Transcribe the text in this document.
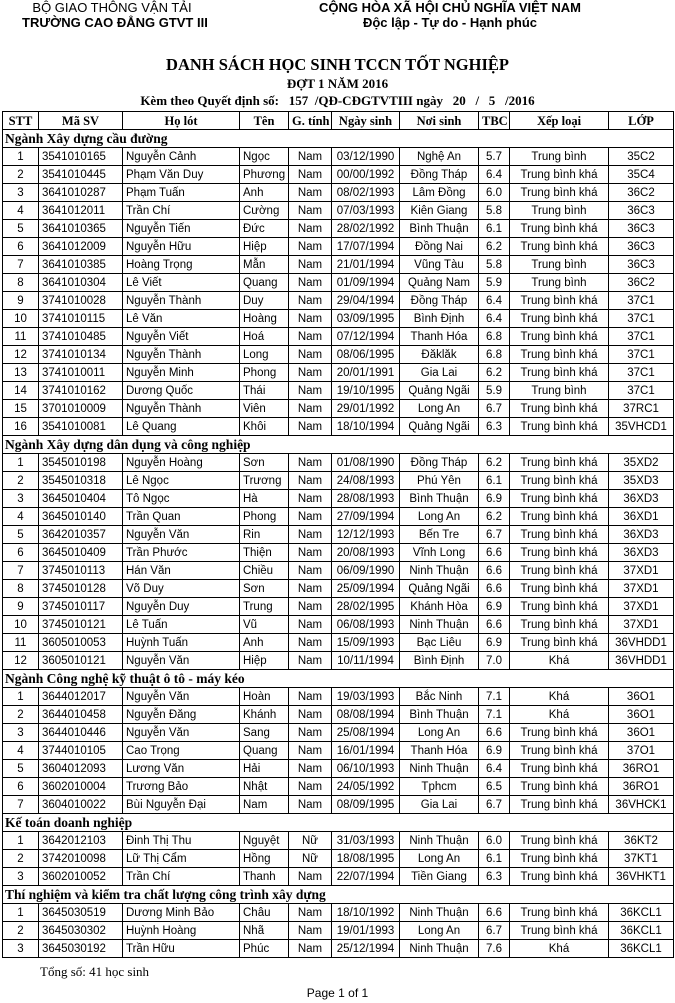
BỘ GIAO THÔNG VẬN TẢI
TRƯỜNG CAO ĐẲNG GTVT III
CỘNG HÒA XÃ HỘI CHỦ NGHĨA VIỆT NAM
Độc lập - Tự do - Hạnh phúc
DANH SÁCH HỌC SINH TCCN TỐT NGHIỆP
ĐỢT 1 NĂM 2016
Kèm theo Quyết định số:   157  /QĐ-CĐGTVTIII ngày   20   /   5   /2016
STT	Mã SV	Họ lót	Tên	G. tính	Ngày sinh	Nơi sinh	TBC	Xếp loại	LỚP
Ngành Xây dựng cầu đường									
1	3541010165	Nguyễn Cảnh	Ngọc	Nam	03/12/1990	Nghệ An	5.7	Trung bình	35C2
2	3541010445	Phạm Văn Duy	Phương	Nam	00/00/1992	Đồng Tháp	6.4	Trung bình khá	35C4
3	3641010287	Phạm Tuấn	Anh	Nam	08/02/1993	Lâm Đồng	6.0	Trung bình khá	36C2
4	3641012011	Trần Chí	Cường	Nam	07/03/1993	Kiên Giang	5.8	Trung bình	36C3
5	3641010365	Nguyễn Tiến	Đức	Nam	28/02/1992	Bình Thuận	6.1	Trung bình khá	36C3
6	3641012009	Nguyễn Hữu	Hiệp	Nam	17/07/1994	Đồng Nai	6.2	Trung bình khá	36C3
7	3641010385	Hoàng Trọng	Mẫn	Nam	21/01/1994	Vũng Tàu	5.8	Trung bình	36C3
8	3641010304	Lê Viết	Quang	Nam	01/09/1994	Quảng Nam	5.9	Trung bình	36C2
9	3741010028	Nguyễn Thành	Duy	Nam	29/04/1994	Đồng Tháp	6.4	Trung bình khá	37C1
10	3741010115	Lê Văn	Hoàng	Nam	03/09/1995	Bình Định	6.4	Trung bình khá	37C1
11	3741010485	Nguyễn Viết	Hoá	Nam	07/12/1994	Thanh Hóa	6.8	Trung bình khá	37C1
12	3741010134	Nguyễn Thành	Long	Nam	08/06/1995	Đăklăk	6.8	Trung bình khá	37C1
13	3741010011	Nguyễn Minh	Phong	Nam	20/01/1991	Gia Lai	6.2	Trung bình khá	37C1
14	3741010162	Dương Quốc	Thái	Nam	19/10/1995	Quảng Ngãi	5.9	Trung bình	37C1
15	3701010009	Nguyễn Thành	Viên	Nam	29/01/1992	Long An	6.7	Trung bình khá	37RC1
16	3541010081	Lê Quang	Khôi	Nam	18/10/1994	Quảng Ngãi	6.3	Trung bình khá	35VHCD1
Ngành Xây dựng dân dụng và công nghiệp									
1	3545010198	Nguyễn Hoàng	Sơn	Nam	01/08/1990	Đồng Tháp	6.2	Trung bình khá	35XD2
2	3545010318	Lê Ngọc	Trương	Nam	24/08/1993	Phú Yên	6.1	Trung bình khá	35XD3
3	3645010404	Tô Ngọc	Hà	Nam	28/08/1993	Bình Thuận	6.9	Trung bình khá	36XD3
4	3645010140	Trần Quan	Phong	Nam	27/09/1994	Long An	6.2	Trung bình khá	36XD1
5	3642010357	Nguyễn Văn	Rin	Nam	12/12/1993	Bến Tre	6.7	Trung bình khá	36XD3
6	3645010409	Trần Phước	Thiện	Nam	20/08/1993	Vĩnh Long	6.6	Trung bình khá	36XD3
7	3745010113	Hán Văn	Chiều	Nam	06/09/1990	Ninh Thuận	6.6	Trung bình khá	37XD1
8	3745010128	Võ Duy	Sơn	Nam	25/09/1994	Quảng Ngãi	6.6	Trung bình khá	37XD1
9	3745010117	Nguyễn Duy	Trung	Nam	28/02/1995	Khánh Hòa	6.9	Trung bình khá	37XD1
10	3745010121	Lê Tuấn	Vũ	Nam	06/08/1993	Ninh Thuận	6.6	Trung bình khá	37XD1
11	3605010053	Huỳnh Tuấn	Anh	Nam	15/09/1993	Bạc Liêu	6.9	Trung bình khá	36VHDD1
12	3605010121	Nguyễn Văn	Hiệp	Nam	10/11/1994	Bình Định	7.0	Khá	36VHDD1
Ngành Công nghệ kỹ thuật ô tô - máy kéo									
1	3644012017	Nguyễn Văn	Hoàn	Nam	19/03/1993	Bắc Ninh	7.1	Khá	36O1
2	3644010458	Nguyễn Đăng	Khánh	Nam	08/08/1994	Bình Thuận	7.1	Khá	36O1
3	3644010446	Nguyễn Văn	Sang	Nam	25/08/1994	Long An	6.6	Trung bình khá	36O1
4	3744010105	Cao Trọng	Quang	Nam	16/01/1994	Thanh Hóa	6.9	Trung bình khá	37O1
5	3604012093	Lương Văn	Hải	Nam	06/10/1993	Ninh Thuận	6.4	Trung bình khá	36RO1
6	3602010004	Trương Bảo	Nhật	Nam	24/05/1992	Tphcm	6.5	Trung bình khá	36RO1
7	3604010022	Bùi Nguyễn Đại	Nam	Nam	08/09/1995	Gia Lai	6.7	Trung bình khá	36VHCK1
Kế toán doanh nghiệp									
1	3642012103	Đinh Thị Thu	Nguyệt	Nữ	31/03/1993	Ninh Thuận	6.0	Trung bình khá	36KT2
2	3742010098	Lữ Thị Cẩm	Hồng	Nữ	18/08/1995	Long An	6.1	Trung bình khá	37KT1
3	3602010052	Trần Chí	Thanh	Nam	22/07/1994	Tiền Giang	6.3	Trung bình khá	36VHKT1
Thí nghiệm và kiểm tra chất lượng công trình xây dựng									
1	3645030519	Dương Minh Bảo	Châu	Nam	18/10/1992	Ninh Thuận	6.6	Trung bình khá	36KCL1
2	3645030302	Huỳnh Hoàng	Nhã	Nam	19/01/1993	Long An	6.7	Trung bình khá	36KCL1
3	3645030192	Trần Hữu	Phúc	Nam	25/12/1994	Ninh Thuận	7.6	Khá	36KCL1
Tổng số: 41 học sinh
Page 1 of 1
